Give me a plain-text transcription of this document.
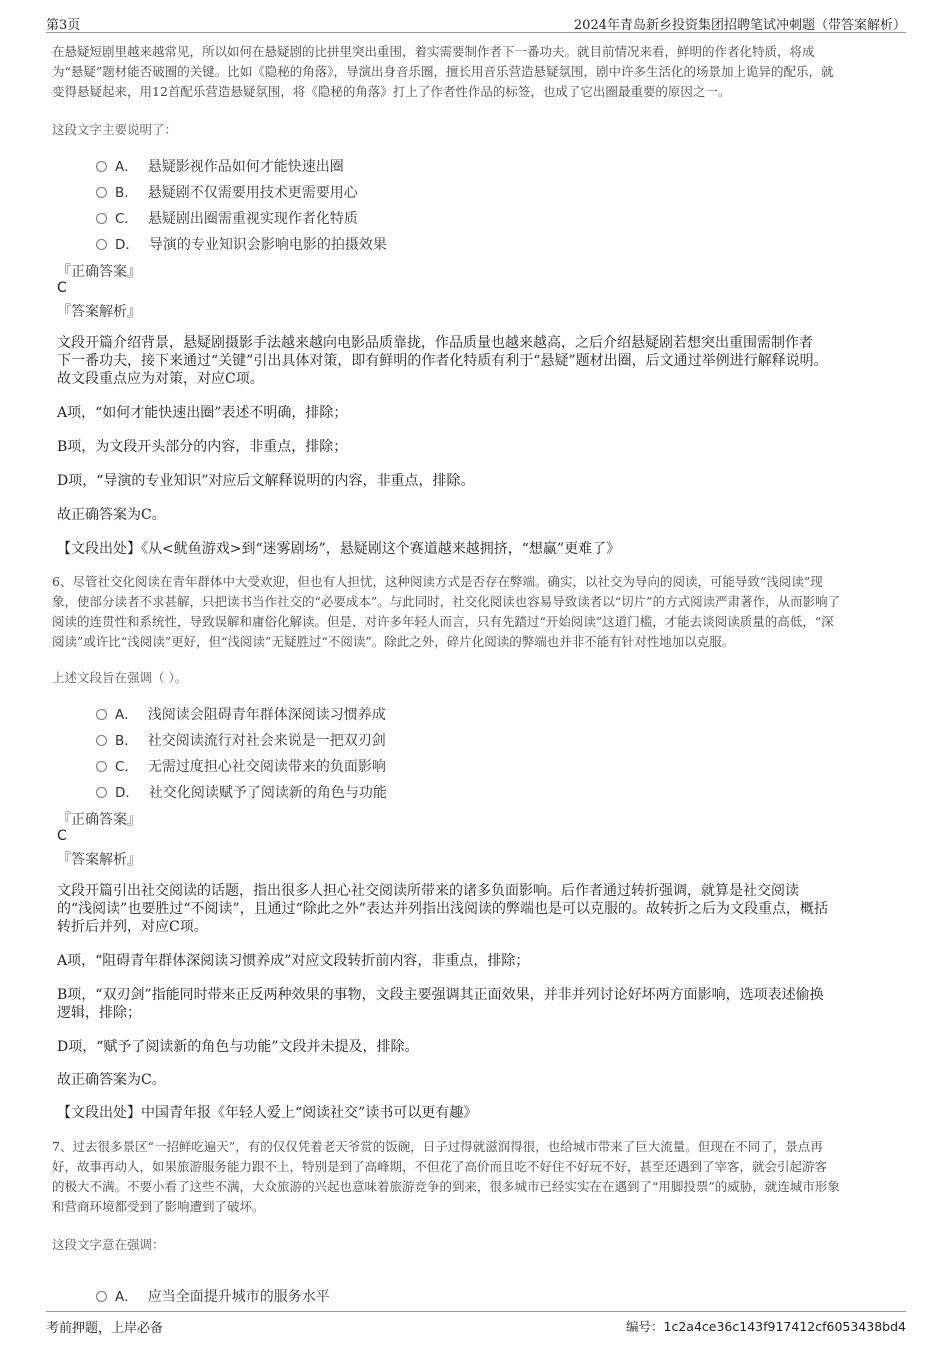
第3页	2024年青岛新乡投资集团招聘笔试冲刺题（带答案解析）
在悬疑短剧里越来越常见，所以如何在悬疑剧的比拼里突出重围，着实需要制作者下一番功夫。就目前情况来看，鲜明的作者化特质，将成
为“悬疑”题材能否破圈的关键。比如《隐秘的角落》，导演出身音乐圈，擅长用音乐营造悬疑氛围，剧中许多生活化的场景加上诡异的配乐，就
变得悬疑起来，用12首配乐营造悬疑氛围，将《隐秘的角落》打上了作者性作品的标签，也成了它出圈最重要的原因之一。
这段文字主要说明了：
A． 悬疑影视作品如何才能快速出圈
B． 悬疑剧不仅需要用技术更需要用心
C． 悬疑剧出圈需重视实现作者化特质
D． 导演的专业知识会影响电影的拍摄效果
『正确答案』
C
『答案解析』
文段开篇介绍背景，悬疑剧摄影手法越来越向电影品质靠拢，作品质量也越来越高，之后介绍悬疑剧若想突出重围需制作者
下一番功夫，接下来通过“关键”引出具体对策，即有鲜明的作者化特质有利于“悬疑”题材出圈，后文通过举例进行解释说明。
故文段重点应为对策，对应C项。
A项，“如何才能快速出圈”表述不明确，排除；
B项，为文段开头部分的内容，非重点，排除；
D项，“导演的专业知识”对应后文解释说明的内容，非重点，排除。
故正确答案为C。
【文段出处】《从<鱿鱼游戏>到“迷雾剧场”，悬疑剧这个赛道越来越拥挤，“想赢”更难了》
6、尽管社交化阅读在青年群体中大受欢迎，但也有人担忧，这种阅读方式是否存在弊端。确实，以社交为导向的阅读，可能导致“浅阅读”现
象，使部分读者不求甚解，只把读书当作社交的“必要成本”。与此同时，社交化阅读也容易导致读者以“切片”的方式阅读严肃著作，从而影响了
阅读的连贯性和系统性，导致误解和庸俗化解读。但是，对许多年轻人而言，只有先踏过“开始阅读”这道门槛，才能去谈阅读质量的高低，“深
阅读”或许比“浅阅读”更好，但“浅阅读”无疑胜过“不阅读”。除此之外，碎片化阅读的弊端也并非不能有针对性地加以克服。
上述文段旨在强调（ ）。
A． 浅阅读会阻碍青年群体深阅读习惯养成
B． 社交阅读流行对社会来说是一把双刃剑
C． 无需过度担心社交阅读带来的负面影响
D． 社交化阅读赋予了阅读新的角色与功能
『正确答案』
C
『答案解析』
文段开篇引出社交阅读的话题，指出很多人担心社交阅读所带来的诸多负面影响。后作者通过转折强调，就算是社交阅读
的“浅阅读”也要胜过“不阅读”，且通过“除此之外”表达并列指出浅阅读的弊端也是可以克服的。故转折之后为文段重点，概括
转折后并列，对应C项。
A项，“阻碍青年群体深阅读习惯养成”对应文段转折前内容，非重点，排除；
B项，“双刃剑”指能同时带来正反两种效果的事物，文段主要强调其正面效果，并非并列讨论好坏两方面影响，选项表述偷换
逻辑，排除；
D项，“赋予了阅读新的角色与功能”文段并未提及，排除。
故正确答案为C。
【文段出处】中国青年报《年轻人爱上“阅读社交”读书可以更有趣》
7、过去很多景区“一招鲜吃遍天”，有的仅仅凭着老天爷赏的饭碗，日子过得就滋润得很，也给城市带来了巨大流量。但现在不同了，景点再
好，故事再动人，如果旅游服务能力跟不上，特别是到了高峰期，不但花了高价而且吃不好住不好玩不好，甚至还遇到了宰客，就会引起游客
的极大不满。不要小看了这些不满，大众旅游的兴起也意味着旅游竞争的到来，很多城市已经实实在在遇到了“用脚投票”的威胁，就连城市形象
和营商环境都受到了影响遭到了破坏。
这段文字意在强调：
A． 应当全面提升城市的服务水平
考前押题，上岸必备	编号：1c2a4ce36c143f917412cf6053438bd4
